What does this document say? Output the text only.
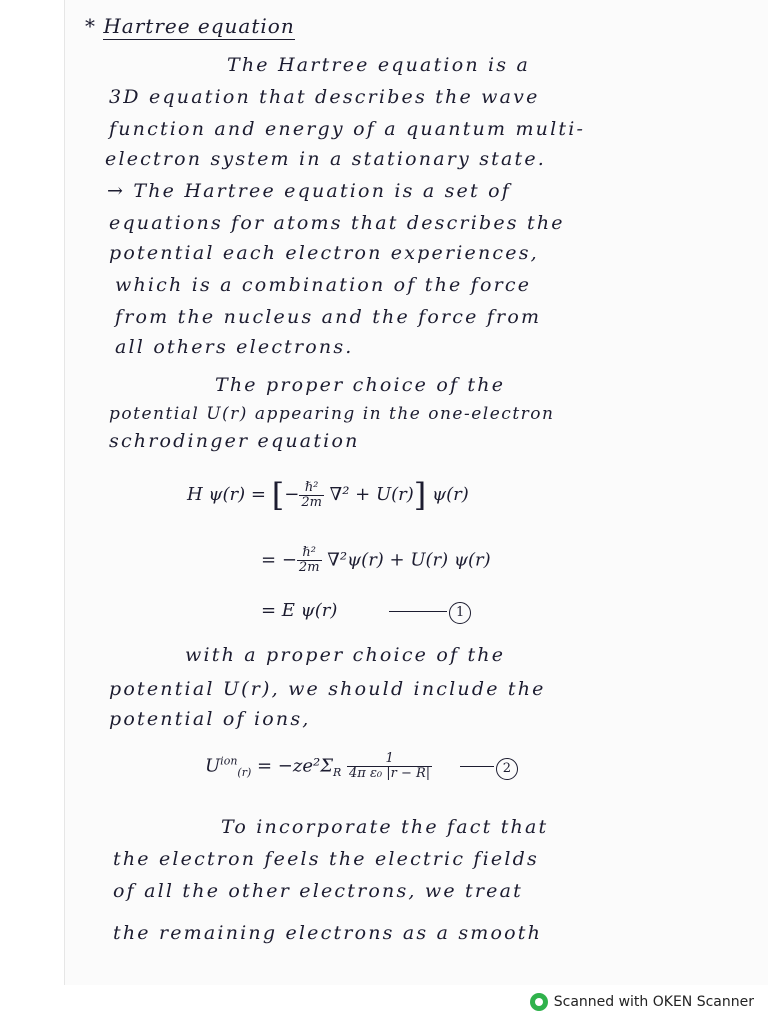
* Hartree equation
The Hartree equation is a
3D equation that describes the wave
function and energy of a quantum multi-
electron system in a stationary state.
→ The Hartree equation is a set of
equations for atoms that describes the
potential each electron experiences,
which is a combination of the force
from the nucleus and the force from
all others electrons.
The proper choice of the
potential U(r) appearing in the one-electron
schrodinger equation
H ψ(r) = [− $\frac{\text{ℏ²}}{2m} \nabla^2 + U(r)$] ψ(r)
= − $\frac{\text{ℏ²}}{2m} \nabla^2\psi(r) + U(r)$ ψ(r)
= E ψ(r)	1
with a proper choice of the
potential U(r), we should include the
potential of ions,
$U^{ion}_{(r)} = -ze^2\Sigma_R \frac{1}{\text{4π ε₀ |r − R|}}$	2
To incorporate the fact that
the electron feels the electric fields
of all the other electrons, we treat
the remaining electrons as a smooth
Scanned with OKEN Scanner
